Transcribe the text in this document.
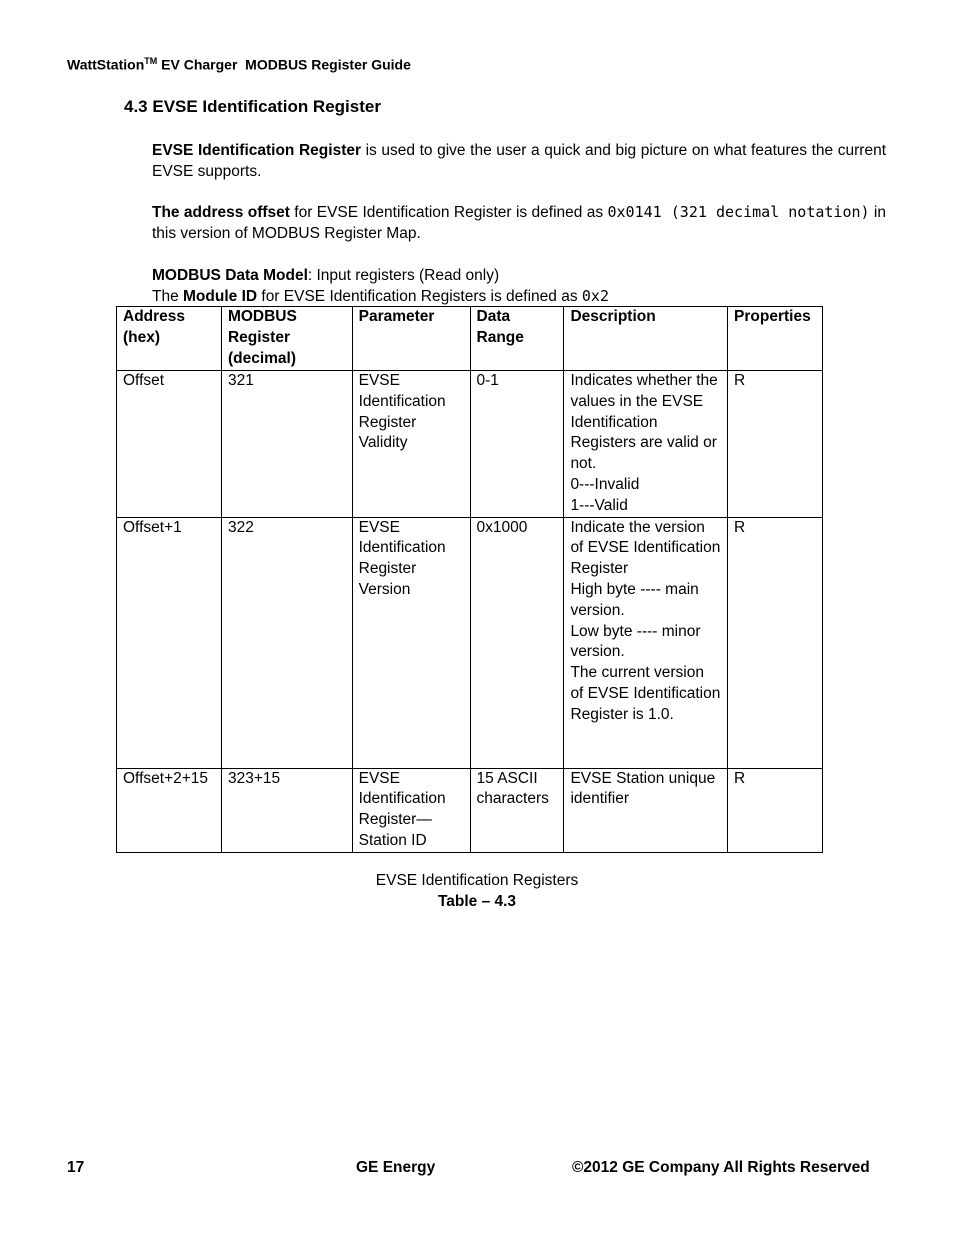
WattStation™ EV Charger  MODBUS Register Guide
4.3 EVSE Identification Register
EVSE Identification Register is used to give the user a quick and big picture on what features the current EVSE supports.
The address offset for EVSE Identification Register is defined as 0x0141 (321 decimal notation) in this version of MODBUS Register Map.
MODBUS Data Model: Input registers (Read only)
The Module ID for EVSE Identification Registers is defined as 0x2
Address (hex)	MODBUS Register (decimal)	Parameter	Data Range	Description	Properties
Offset	321	EVSE Identification Register Validity	0-1	Indicates whether the values in the EVSE Identification Registers are valid or not.
0---Invalid
1---Valid	R
Offset+1	322	EVSE Identification Register Version	0x1000	Indicate the version of EVSE Identification Register
High byte ---- main version.
Low byte ---- minor version.
The current version of EVSE Identification Register is 1.0.	R
Offset+2+15	323+15	EVSE Identification Register—Station ID	15 ASCII characters	EVSE Station unique identifier	R
EVSE Identification Registers
Table – 4.3
17	GE Energy	©2012 GE Company All Rights Reserved
